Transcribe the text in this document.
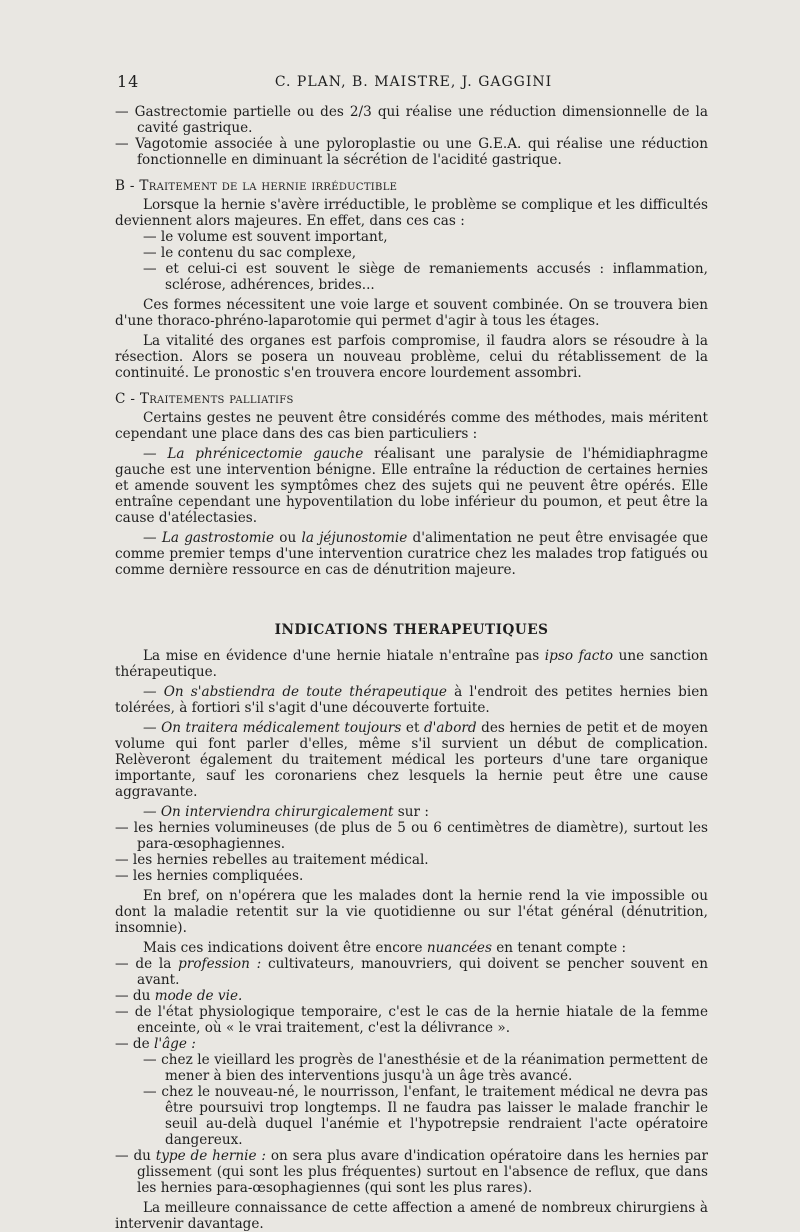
14	C. PLAN, B. MAISTRE, J. GAGGINI

— Gastrectomie partielle ou des 2/3 qui réalise une réduction dimensionnelle de la cavité gastrique.

— Vagotomie associée à une pyloroplastie ou une G.E.A. qui réalise une réduction fonctionnelle en diminuant la sécrétion de l'acidité gastrique.

B - Traitement de la hernie irréductible

Lorsque la hernie s'avère irréductible, le problème se complique et les difficultés deviennent alors majeures. En effet, dans ces cas :

— le volume est souvent important,

— le contenu du sac complexe,

— et celui-ci est souvent le siège de remaniements accusés : inflammation, sclérose, adhérences, brides...

Ces formes nécessitent une voie large et souvent combinée. On se trouvera bien d'une thoraco-phréno-laparotomie qui permet d'agir à tous les étages.

La vitalité des organes est parfois compromise, il faudra alors se résoudre à la résection. Alors se posera un nouveau problème, celui du rétablissement de la continuité. Le pronostic s'en trouvera encore lourdement assombri.

C - Traitements palliatifs

Certains gestes ne peuvent être considérés comme des méthodes, mais méritent cependant une place dans des cas bien particuliers :

— La phrénicectomie gauche réalisant une paralysie de l'hémidiaphragme gauche est une intervention bénigne. Elle entraîne la réduction de certaines hernies et amende souvent les symptômes chez des sujets qui ne peuvent être opérés. Elle entraîne cependant une hypoventilation du lobe inférieur du poumon, et peut être la cause d'atélectasies.

— La gastrostomie ou la jéjunostomie d'alimentation ne peut être envisagée que comme premier temps d'une intervention curatrice chez les malades trop fatigués ou comme dernière ressource en cas de dénutrition majeure.

INDICATIONS THERAPEUTIQUES

La mise en évidence d'une hernie hiatale n'entraîne pas ipso facto une sanction thérapeutique.

— On s'abstiendra de toute thérapeutique à l'endroit des petites hernies bien tolérées, à fortiori s'il s'agit d'une découverte fortuite.

— On traitera médicalement toujours et d'abord des hernies de petit et de moyen volume qui font parler d'elles, même s'il survient un début de complication. Relèveront également du traitement médical les porteurs d'une tare organique importante, sauf les coronariens chez lesquels la hernie peut être une cause aggravante.

— On interviendra chirurgicalement sur :

— les hernies volumineuses (de plus de 5 ou 6 centimètres de diamètre), surtout les para-œsophagiennes.

— les hernies rebelles au traitement médical.

— les hernies compliquées.

En bref, on n'opérera que les malades dont la hernie rend la vie impossible ou dont la maladie retentit sur la vie quotidienne ou sur l'état général (dénutrition, insomnie).

Mais ces indications doivent être encore nuancées en tenant compte :

— de la profession : cultivateurs, manouvriers, qui doivent se pencher souvent en avant.

— du mode de vie.

— de l'état physiologique temporaire, c'est le cas de la hernie hiatale de la femme enceinte, où « le vrai traitement, c'est la délivrance ».

— de l'âge :

— chez le vieillard les progrès de l'anesthésie et de la réanimation permettent de mener à bien des interventions jusqu'à un âge très avancé.

— chez le nouveau-né, le nourrisson, l'enfant, le traitement médical ne devra pas être poursuivi trop longtemps. Il ne faudra pas laisser le malade franchir le seuil au-delà duquel l'anémie et l'hypotrepsie rendraient l'acte opératoire dangereux.

— du type de hernie : on sera plus avare d'indication opératoire dans les hernies par glissement (qui sont les plus fréquentes) surtout en l'absence de reflux, que dans les hernies para-œsophagiennes (qui sont les plus rares).

La meilleure connaissance de cette affection a amené de nombreux chirurgiens à intervenir davantage.
